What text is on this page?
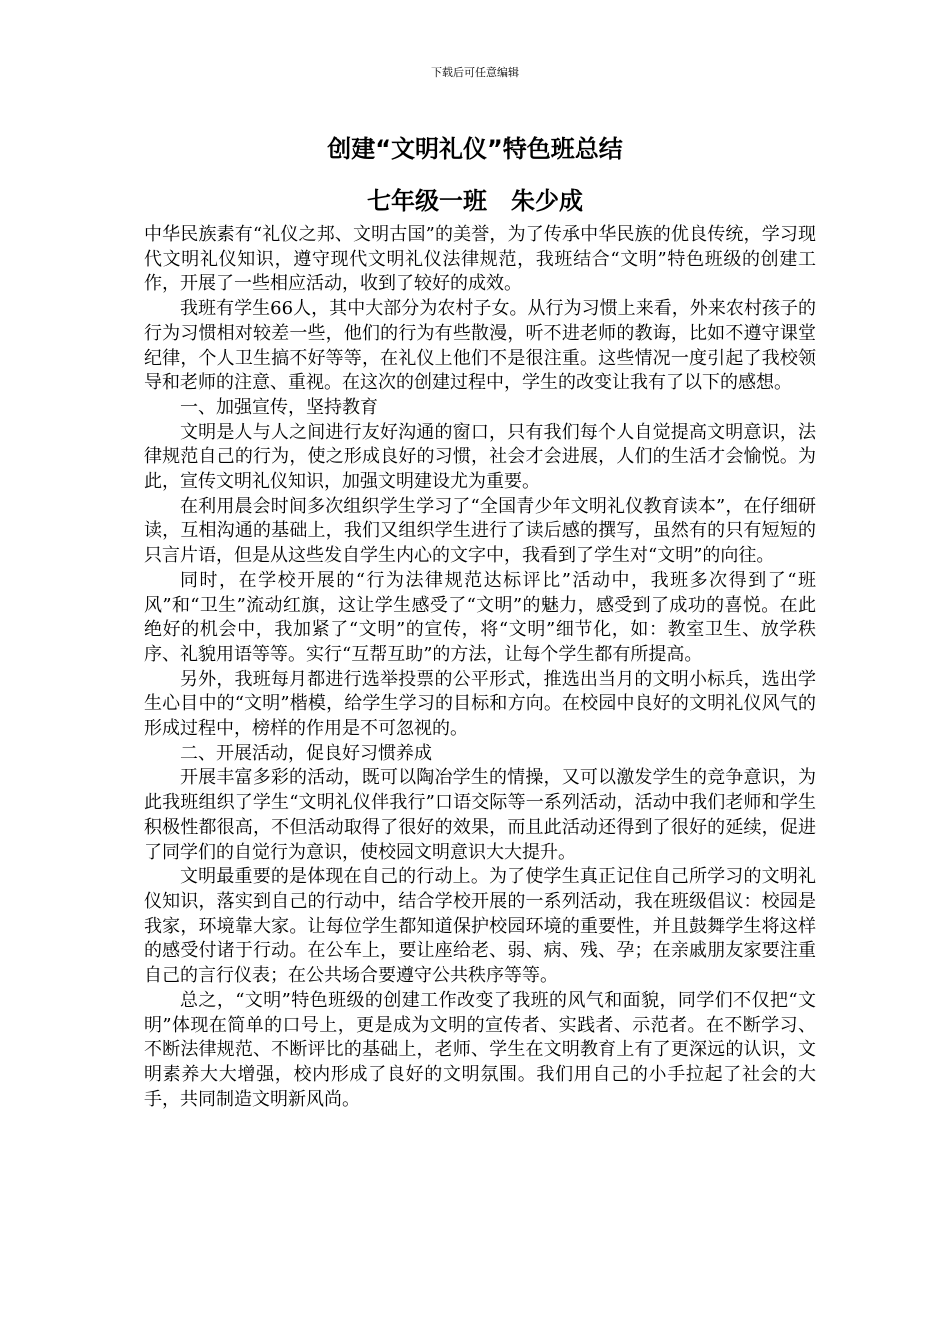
下载后可任意编辑
创建“文明礼仪”特色班总结
七年级一班　朱少成

中华民族素有“礼仪之邦、文明古国”的美誉，为了传承中华民族的优良传统，学习现代文明礼仪知识，遵守现代文明礼仪法律规范，我班结合“文明”特色班级的创建工作，开展了一些相应活动，收到了较好的成效。

我班有学生66人，其中大部分为农村子女。从行为习惯上来看，外来农村孩子的行为习惯相对较差一些，他们的行为有些散漫，听不进老师的教诲，比如不遵守课堂纪律，个人卫生搞不好等等，在礼仪上他们不是很注重。这些情况一度引起了我校领导和老师的注意、重视。在这次的创建过程中，学生的改变让我有了以下的感想。

一、加强宣传，坚持教育

文明是人与人之间进行友好沟通的窗口，只有我们每个人自觉提高文明意识，法律规范自己的行为，使之形成良好的习惯，社会才会进展，人们的生活才会愉悦。为此，宣传文明礼仪知识，加强文明建设尤为重要。

在利用晨会时间多次组织学生学习了“全国青少年文明礼仪教育读本”，在仔细研读，互相沟通的基础上，我们又组织学生进行了读后感的撰写，虽然有的只有短短的只言片语，但是从这些发自学生内心的文字中，我看到了学生对“文明”的向往。

同时，在学校开展的“行为法律规范达标评比”活动中，我班多次得到了“班风”和“卫生”流动红旗，这让学生感受了“文明”的魅力，感受到了成功的喜悦。在此绝好的机会中，我加紧了“文明”的宣传，将“文明”细节化，如：教室卫生、放学秩序、礼貌用语等等。实行“互帮互助”的方法，让每个学生都有所提高。

另外，我班每月都进行选举投票的公平形式，推选出当月的文明小标兵，选出学生心目中的“文明”楷模，给学生学习的目标和方向。在校园中良好的文明礼仪风气的形成过程中，榜样的作用是不可忽视的。

二、开展活动，促良好习惯养成

开展丰富多彩的活动，既可以陶冶学生的情操，又可以激发学生的竞争意识，为此我班组织了学生“文明礼仪伴我行”口语交际等一系列活动，活动中我们老师和学生积极性都很高，不但活动取得了很好的效果，而且此活动还得到了很好的延续，促进了同学们的自觉行为意识，使校园文明意识大大提升。

文明最重要的是体现在自己的行动上。为了使学生真正记住自己所学习的文明礼仪知识，落实到自己的行动中，结合学校开展的一系列活动，我在班级倡议：校园是我家，环境靠大家。让每位学生都知道保护校园环境的重要性，并且鼓舞学生将这样的感受付诸于行动。在公车上，要让座给老、弱、病、残、孕；在亲戚朋友家要注重自己的言行仪表；在公共场合要遵守公共秩序等等。

总之，“文明”特色班级的创建工作改变了我班的风气和面貌，同学们不仅把“文明”体现在简单的口号上，更是成为文明的宣传者、实践者、示范者。在不断学习、不断法律规范、不断评比的基础上，老师、学生在文明教育上有了更深远的认识，文明素养大大增强，校内形成了良好的文明氛围。我们用自己的小手拉起了社会的大手，共同制造文明新风尚。
